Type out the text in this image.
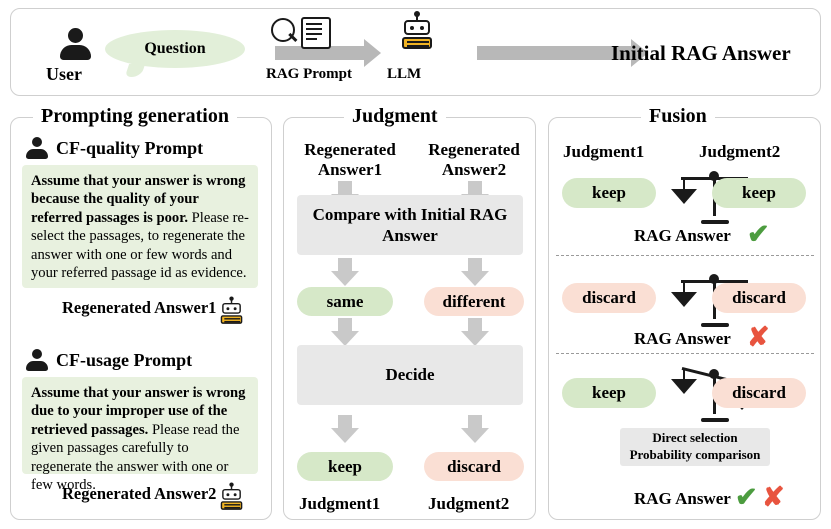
User
Question
RAG Prompt LLM
Initial RAG Answer
Prompting generation
CF-quality Prompt
Assume that your answer is wrong because the quality of your referred passages is poor. Please re-select the passages, to regenerate the answer with one or few words and your referred passage id as evidence.
Regenerated Answer1
CF-usage Prompt
Assume that your answer is wrong due to your improper use of the retrieved passages. Please read the given passages carefully to regenerate the answer with one or few words.
Regenerated Answer2
Judgment
Regenerated Answer1
Regenerated Answer2
Compare with Initial RAG Answer
same	different
Decide
keep	discard
Judgment1	Judgment2
Fusion
Judgment1	Judgment2
keep	keep
RAG Answer ✔
discard	discard
RAG Answer ✘
keep	discard
Direct selection
Probability comparison
RAG Answer ✔ ✘
